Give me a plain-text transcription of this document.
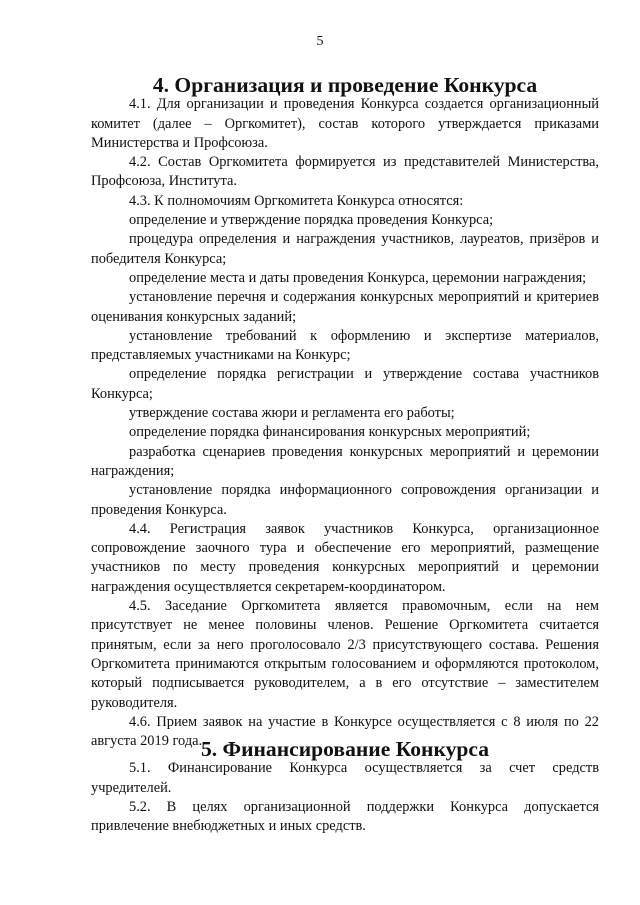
5
4. Организация и проведение Конкурса

4.1. Для организации и проведения Конкурса создается организационный комитет (далее – Оргкомитет), состав которого утверждается приказами Министерства и Профсоюза.

4.2. Состав Оргкомитета формируется из представителей Министерства, Профсоюза, Института.

4.3. К полномочиям Оргкомитета Конкурса относятся:

определение и утверждение порядка проведения Конкурса;

процедура определения и награждения участников, лауреатов, призёров и победителя Конкурса;

определение места и даты проведения Конкурса, церемонии награждения;

установление перечня и содержания конкурсных мероприятий и критериев оценивания конкурсных заданий;

установление требований к оформлению и экспертизе материалов, представляемых участниками на Конкурс;

определение порядка регистрации и утверждение состава участников Конкурса;

утверждение состава жюри и регламента его работы;

определение порядка финансирования конкурсных мероприятий;

разработка сценариев проведения конкурсных мероприятий и церемонии награждения;

установление порядка информационного сопровождения организации и проведения Конкурса.

4.4. Регистрация заявок участников Конкурса, организационное сопровождение заочного тура и обеспечение его мероприятий, размещение участников по месту проведения конкурсных мероприятий и церемонии награждения осуществляется секретарем-координатором.

4.5. Заседание Оргкомитета является правомочным, если на нем присутствует не менее половины членов. Решение Оргкомитета считается принятым, если за него проголосовало 2/3 присутствующего состава. Решения Оргкомитета принимаются открытым голосованием и оформляются протоколом, который подписывается руководителем, а в его отсутствие – заместителем руководителя.

4.6. Прием заявок на участие в Конкурсе осуществляется с 8 июля по 22 августа 2019 года.

5. Финансирование Конкурса

5.1. Финансирование Конкурса осуществляется за счет средств учредителей.

5.2. В целях организационной поддержки Конкурса допускается привлечение внебюджетных и иных средств.
